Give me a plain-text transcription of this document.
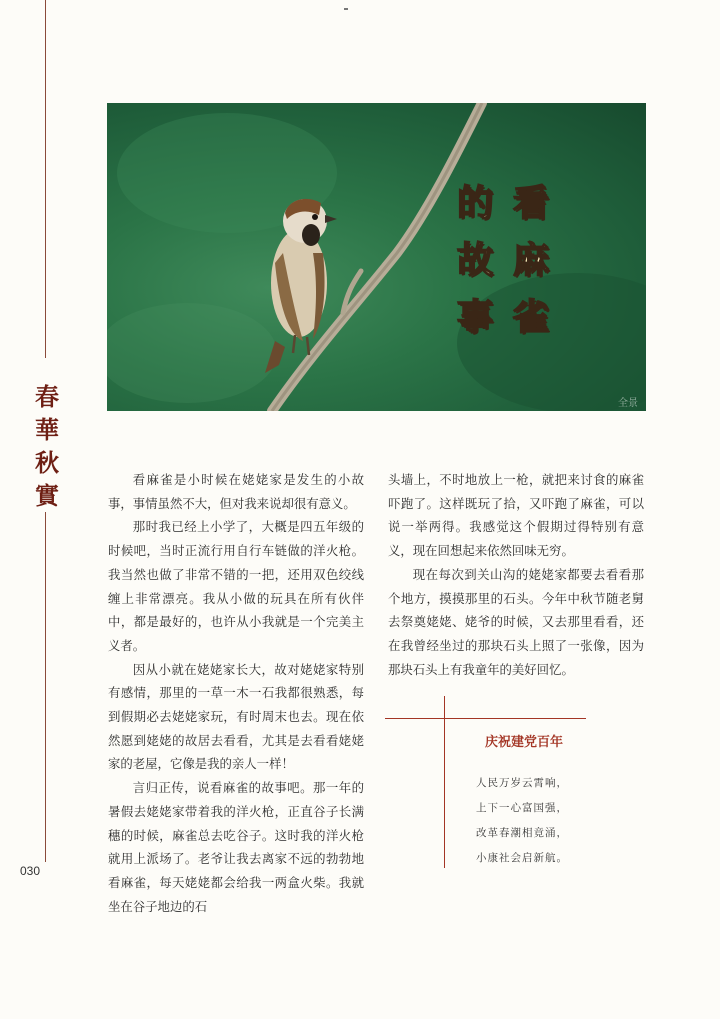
春
華
秋
實
030
看
麻
雀
的
故
事
全景

看麻雀是小时候在姥姥家是发生的小故事，事情虽然不大，但对我来说却很有意义。

那时我已经上小学了，大概是四五年级的时候吧，当时正流行用自行车链做的洋火枪。我当然也做了非常不错的一把，还用双色绞线缠上非常漂亮。我从小做的玩具在所有伙伴中，都是最好的，也许从小我就是一个完美主义者。

因从小就在姥姥家长大，故对姥姥家特别有感情，那里的一草一木一石我都很熟悉，每到假期必去姥姥家玩，有时周末也去。现在依然愿到姥姥的故居去看看，尤其是去看看姥姥家的老屋，它像是我的亲人一样！

言归正传，说看麻雀的故事吧。那一年的暑假去姥姥家带着我的洋火枪，正直谷子长满穗的时候，麻雀总去吃谷子。这时我的洋火枪就用上派场了。老爷让我去离家不远的勃勃地看麻雀，每天姥姥都会给我一两盒火柴。我就坐在谷子地边的石

头墙上，不时地放上一枪，就把来讨食的麻雀吓跑了。这样既玩了拾，又吓跑了麻雀，可以说一举两得。我感觉这个假期过得特别有意义，现在回想起来依然回味无穷。

现在每次到关山沟的姥姥家都要去看看那个地方，摸摸那里的石头。今年中秋节随老舅去祭奠姥姥、姥爷的时候，又去那里看看，还在我曾经坐过的那块石头上照了一张像，因为那块石头上有我童年的美好回忆。

庆祝建党百年
人民万岁云霄响，
上下一心富国强，
改革春潮相竟涌，
小康社会启新航。
